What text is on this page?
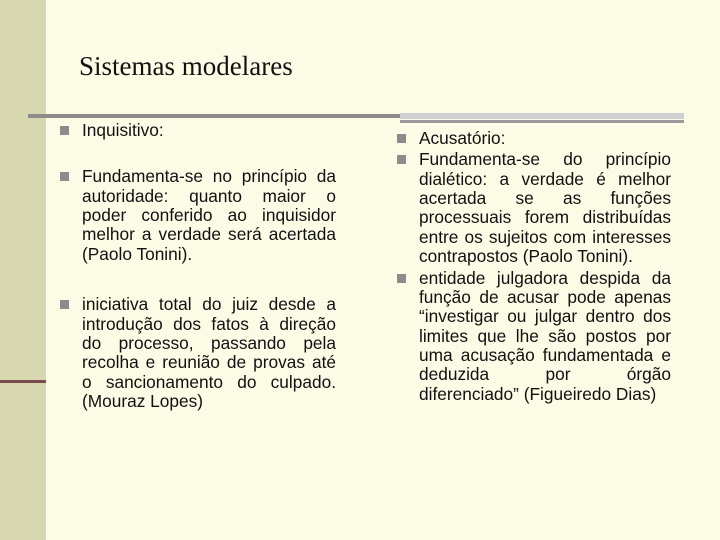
Sistemas modelares
Inquisitivo:
Fundamenta-se no princípio da autoridade: quanto maior o poder conferido ao inquisidor melhor a verdade será acertada (Paolo Tonini).
iniciativa total do juiz desde a introdução dos fatos à direção do processo, passando pela recolha e reunião de provas até o sancionamento do culpado. (Mouraz Lopes)
Acusatório:
Fundamenta-se do princípio dialético: a verdade é melhor acertada se as funções processuais forem distribuídas entre os sujeitos com interesses contrapostos (Paolo Tonini).
entidade julgadora despida da função de acusar pode apenas “investigar ou julgar dentro dos limites que lhe são postos por uma acusação fundamentada e deduzida por órgão diferenciado” (Figueiredo Dias)
